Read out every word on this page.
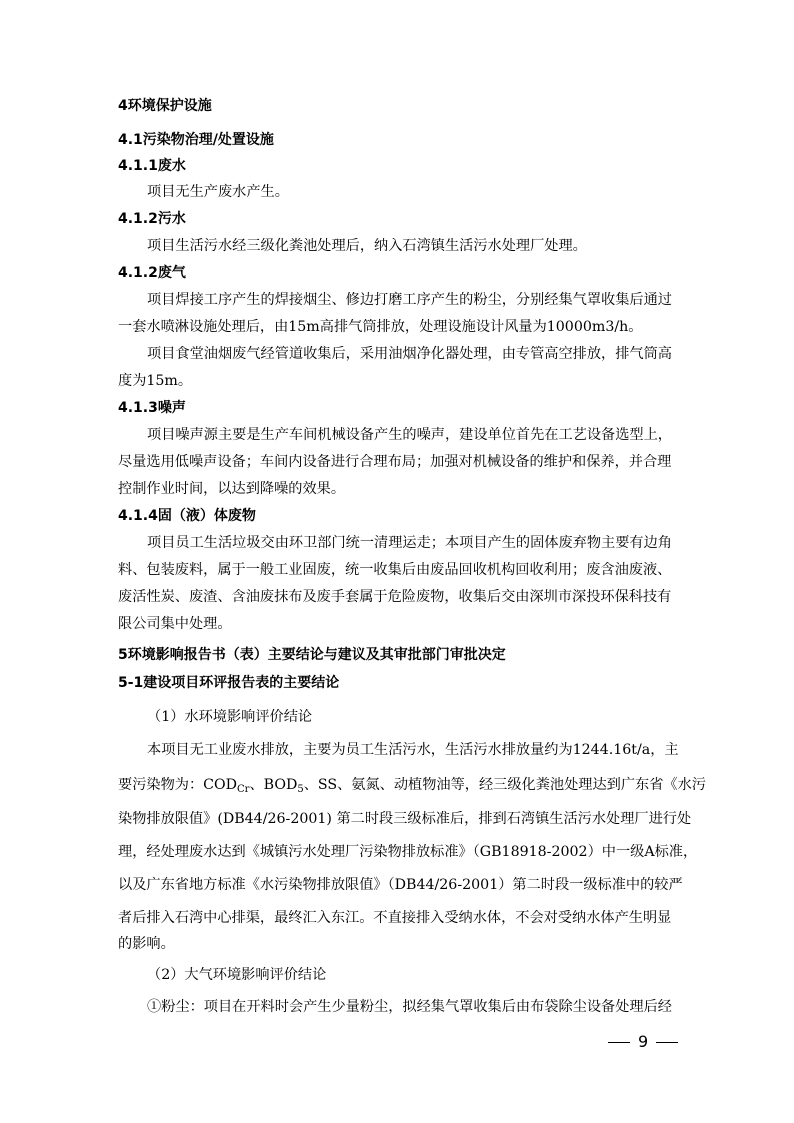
4环境保护设施
4.1污染物治理/处置设施
4.1.1废水
项目无生产废水产生。
4.1.2污水
项目生活污水经三级化粪池处理后，纳入石湾镇生活污水处理厂处理。
4.1.2废气
项目焊接工序产生的焊接烟尘、修边打磨工序产生的粉尘，分别经集气罩收集后通过
一套水喷淋设施处理后，由15m高排气筒排放，处理设施设计风量为10000m3/h。
项目食堂油烟废气经管道收集后，采用油烟净化器处理，由专管高空排放，排气筒高
度为15m。
4.1.3噪声
项目噪声源主要是生产车间机械设备产生的噪声，建设单位首先在工艺设备选型上，
尽量选用低噪声设备；车间内设备进行合理布局；加强对机械设备的维护和保养，并合理
控制作业时间，以达到降噪的效果。
4.1.4固（液）体废物
项目员工生活垃圾交由环卫部门统一清理运走；本项目产生的固体废弃物主要有边角
料、包装废料，属于一般工业固废，统一收集后由废品回收机构回收利用；废含油废液、
废活性炭、废渣、含油废抹布及废手套属于危险废物，收集后交由深圳市深投环保科技有
限公司集中处理。
5环境影响报告书（表）主要结论与建议及其审批部门审批决定
5-1建设项目环评报告表的主要结论
（1）水环境影响评价结论
本项目无工业废水排放，主要为员工生活污水，生活污水排放量约为1244.16t/a，主
要污染物为：$COD_{Cr}$、$BOD_5$、SS、氨氮、动植物油等，经三级化粪池处理达到广东省《水污
染物排放限值》(DB44/26-2001) 第二时段三级标准后，排到石湾镇生活污水处理厂进行处
理，经处理废水达到《城镇污水处理厂污染物排放标准》（GB18918-2002）中一级A标准，
以及广东省地方标准《水污染物排放限值》（DB44/26-2001）第二时段一级标准中的较严
者后排入石湾中心排渠，最终汇入东江。不直接排入受纳水体，不会对受纳水体产生明显
的影响。
（2）大气环境影响评价结论
①粉尘：项目在开料时会产生少量粉尘，拟经集气罩收集后由布袋除尘设备处理后经
9
